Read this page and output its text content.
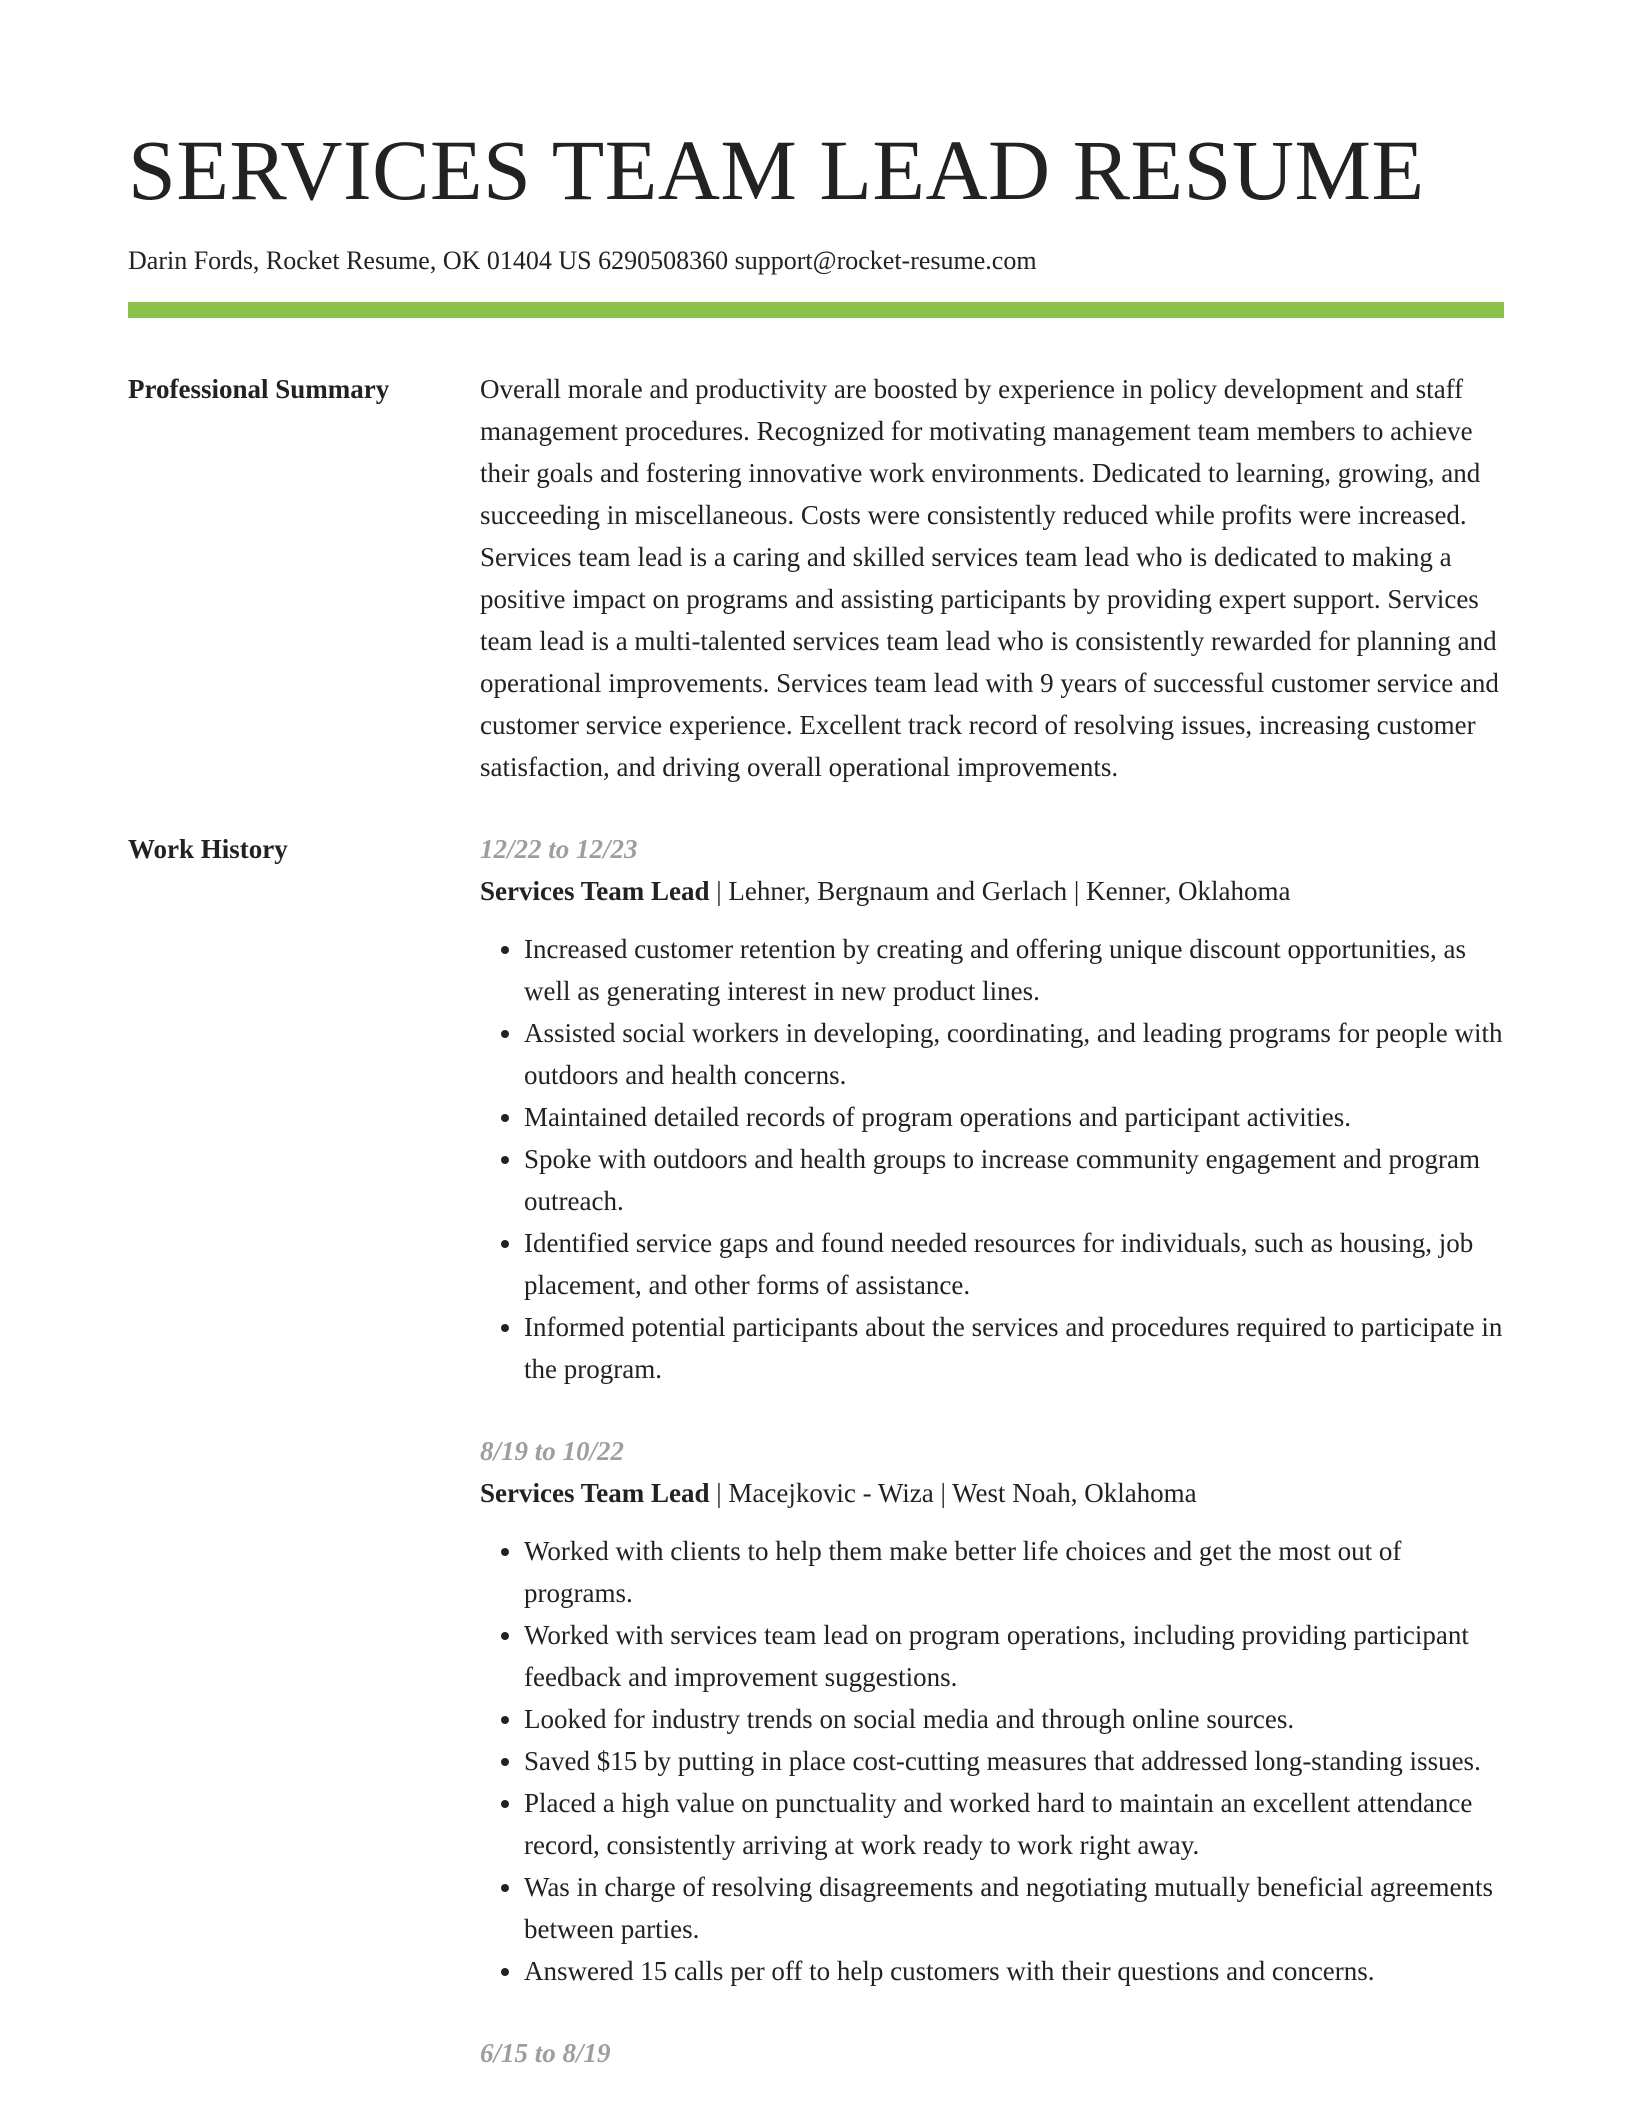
SERVICES TEAM LEAD RESUME
Darin Fords, Rocket Resume, OK 01404 US 6290508360 support@rocket-resume.com
Professional Summary	Overall morale and productivity are boosted by experience in policy development and staff management procedures. Recognized for motivating management team members to achieve their goals and fostering innovative work environments. Dedicated to learning, growing, and succeeding in miscellaneous. Costs were consistently reduced while profits were increased. Services team lead is a caring and skilled services team lead who is dedicated to making a positive impact on programs and assisting participants by providing expert support. Services team lead is a multi-talented services team lead who is consistently rewarded for planning and operational improvements. Services team lead with 9 years of successful customer service and customer service experience. Excellent track record of resolving issues, increasing customer satisfaction, and driving overall operational improvements.

Work History	12/22 to 12/23
Services Team Lead | Lehner, Bergnaum and Gerlach | Kenner, Oklahoma
• Increased customer retention by creating and offering unique discount opportunities, as well as generating interest in new product lines.
• Assisted social workers in developing, coordinating, and leading programs for people with outdoors and health concerns.
• Maintained detailed records of program operations and participant activities.
• Spoke with outdoors and health groups to increase community engagement and program outreach.
• Identified service gaps and found needed resources for individuals, such as housing, job placement, and other forms of assistance.
• Informed potential participants about the services and procedures required to participate in the program.
8/19 to 10/22
Services Team Lead | Macejkovic - Wiza | West Noah, Oklahoma
• Worked with clients to help them make better life choices and get the most out of programs.
• Worked with services team lead on program operations, including providing participant feedback and improvement suggestions.
• Looked for industry trends on social media and through online sources.
• Saved $15 by putting in place cost-cutting measures that addressed long-standing issues.
• Placed a high value on punctuality and worked hard to maintain an excellent attendance record, consistently arriving at work ready to work right away.
• Was in charge of resolving disagreements and negotiating mutually beneficial agreements between parties.
• Answered 15 calls per off to help customers with their questions and concerns.
6/15 to 8/19
